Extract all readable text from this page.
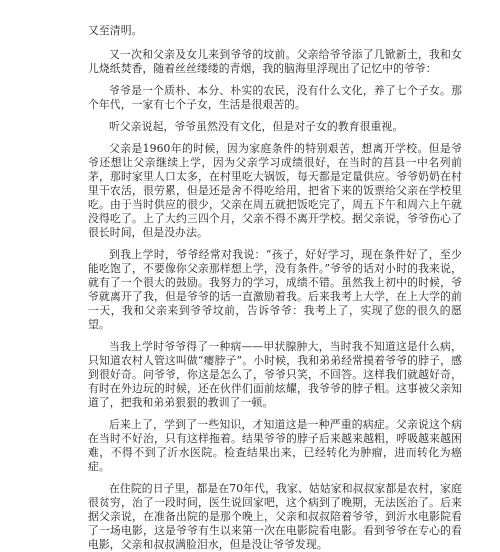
又至清明。

又一次和父亲及女儿来到爷爷的坟前。父亲给爷爷添了几锨新土，我和女儿烧纸焚香，随着丝丝缕缕的青烟，我的脑海里浮现出了记忆中的爷爷：

爷爷是一个质朴、本分、朴实的农民，没有什么文化，养了七个子女。那个年代，一家有七个子女，生活是很艰苦的。

听父亲说起，爷爷虽然没有文化，但是对子女的教育很重视。

父亲是1960年的时候，因为家庭条件的特别艰苦，想离开学校。但是爷爷还想让父亲继续上学，因为父亲学习成绩很好，在当时的莒县一中名列前茅，那时家里人口太多，在村里吃大锅饭，每天都是定量供应。爷爷奶奶在村里干农活，很劳累，但是还是舍不得吃给用，把省下来的饭票给父亲在学校里吃。由于当时供应的很少，父亲在周五就把饭吃完了，周五下午和周六上午就没得吃了。上了大约三四个月，父亲不得不离开学校。据父亲说，爷爷伤心了很长时间，但是没办法。

到我上学时，爷爷经常对我说：“孩子，好好学习，现在条件好了，至少能吃饱了，不要像你父亲那样想上学，没有条件。”爷爷的话对小时的我来说，就有了一个很大的鼓励。我努力的学习，成绩不错。虽然我上初中的时候，爷爷就离开了我，但是爷爷的话一直激励着我。后来我考上大学，在上大学的前一天，我和父亲来到爷爷坟前，告诉爷爷：我考上了，实现了您的很久的愿望。

当我上学时爷爷得了一种病——甲状腺肿大，当时我不知道这是什么病，只知道农村人管这叫做“瘿脖子”。小时候，我和弟弟经常摸着爷爷的脖子，感到很好奇。问爷爷，你这是怎么了，爷爷只笑，不回答。这样我们就越好奇，有时在外边玩的时候，还在伙伴们面前炫耀，我爷爷的脖子粗。这事被父亲知道了，把我和弟弟狠狠的教训了一顿。

后来上了，学到了一些知识，才知道这是一种严重的病症。父亲说这个病在当时不好治，只有这样拖着。结果爷爷的脖子后来越来越粗，呼吸越来越困难，不得不到了沂水医院。检查结果出来，已经转化为肿瘤，进而转化为癌症。

在住院的日子里，都是在70年代，我家、姑姑家和叔叔家都是农村，家庭很贫穷，治了一段时间，医生说回家吧，这个病到了晚期，无法医治了。后来据父亲说，在准备出院的是那个晚上，父亲和叔叔陪着爷爷，到沂水电影院看了一场电影，这是爷爷有生以来第一次在电影院看电影。看到爷爷在专心的看电影，父亲和叔叔满脸泪水，但是没让爷爷发现。
